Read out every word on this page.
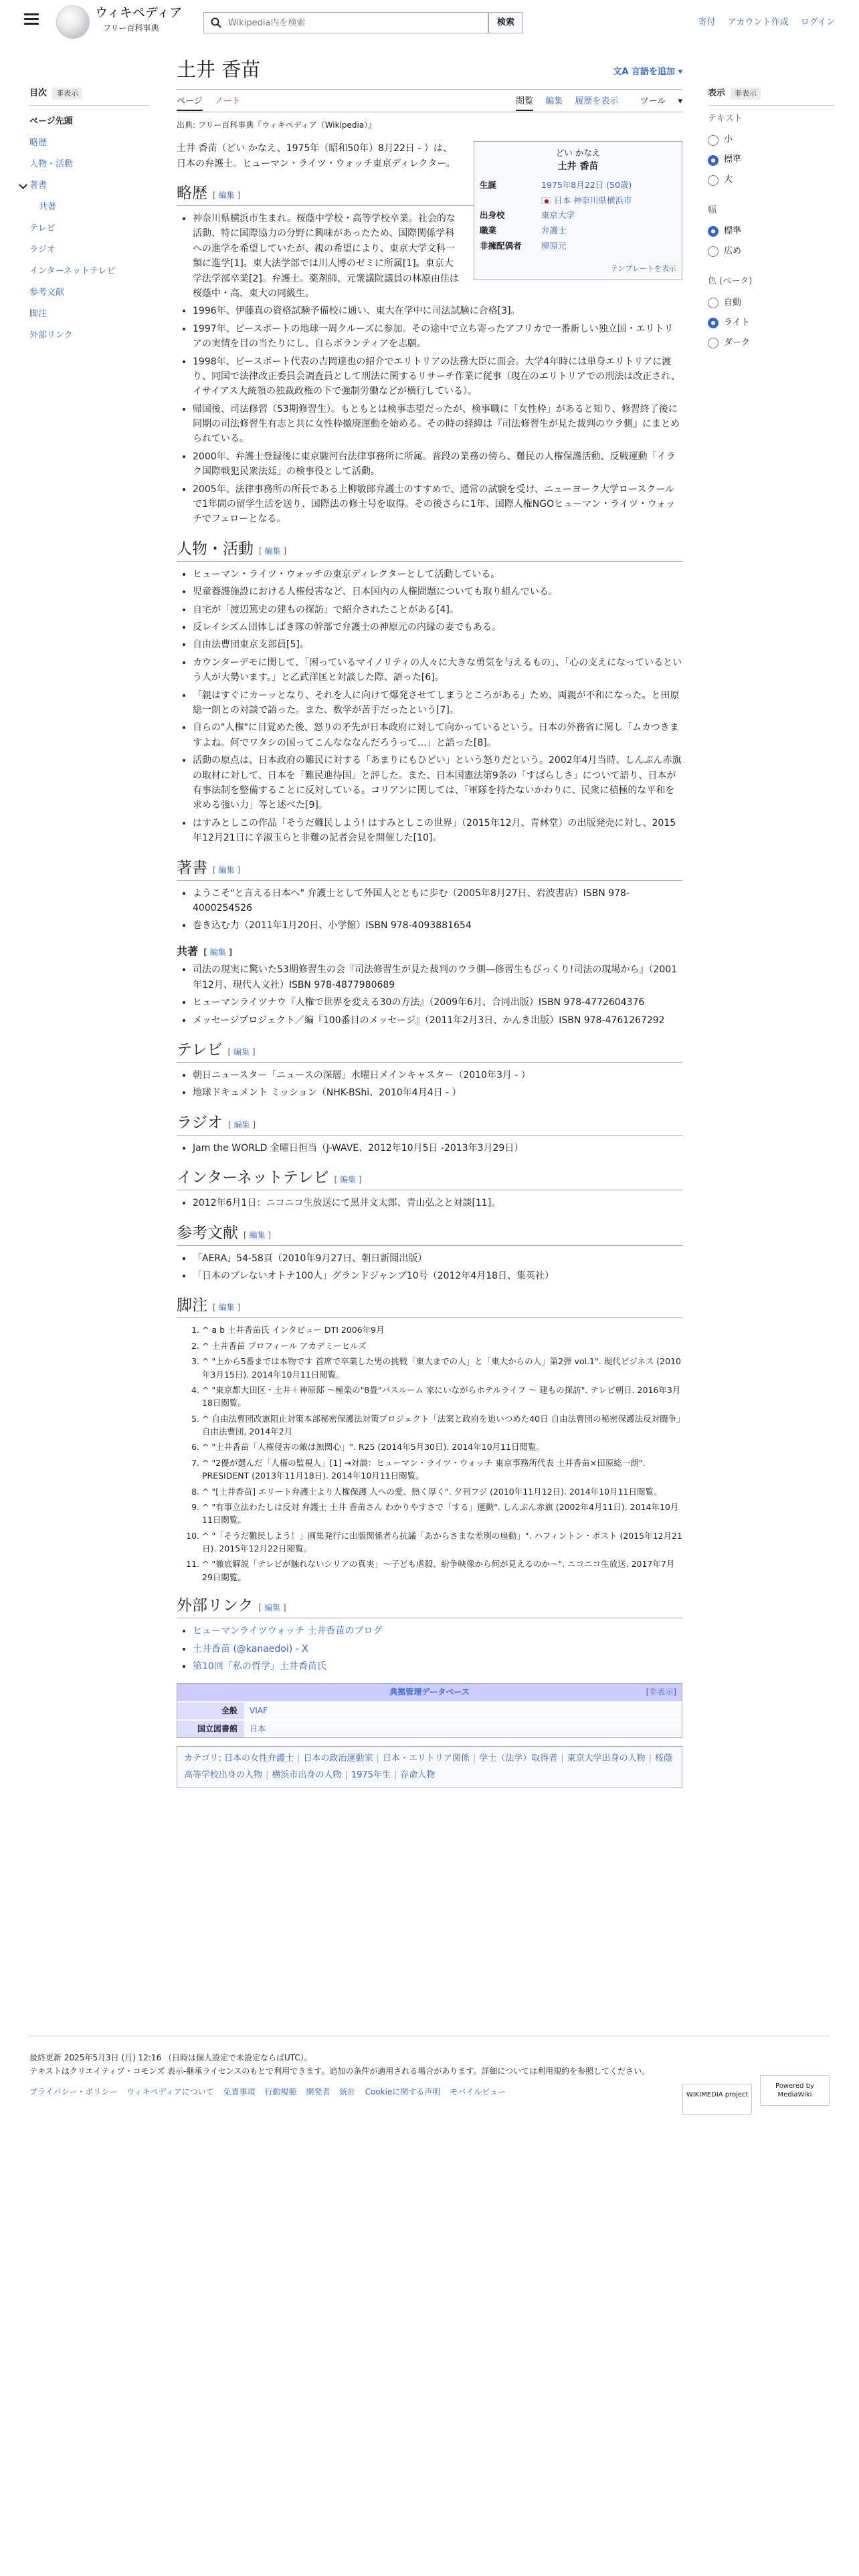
ウィキペディア
フリー百科事典
Wikipedia内を検索
検索	寄付 アカウント作成 ログイン
目次 非表示
ページ先頭
略歴
人物・活動
著書
共著
テレビ
ラジオ
インターネットテレビ
参考文献
脚注
外部リンク
土井 香苗	文A 言語を追加 ▾
ページ ノート	閲覧 編集 履歴を表示 ツール ▾
出典: フリー百科事典『ウィキペディア（Wikipedia）』
どい かなえ
土井 香苗
生誕	1975年8月22日 (50歳)
日本 神奈川県横浜市
出身校	東京大学
職業	弁護士
非擁配偶者	柳原元
テンプレートを表示

土井 香苗（どい かなえ、1975年（昭和50年）8月22日 - ）は、日本の弁護士。ヒューマン・ライツ・ウォッチ東京ディレクター。

略歴 [ 編集 ]
• 神奈川県横浜市生まれ。桜蔭中学校・高等学校卒業。社会的な活動、特に国際協力の分野に興味があったため、国際関係学科への進学を希望していたが、親の希望により、東京大学文科一類に進学[1]。東大法学部では川人博のゼミに所属[1]。東京大学法学部卒業[2]。弁護士。薬剤師、元衆議院議員の林原由佳は桜蔭中・高、東大の同級生。
• 1996年、伊藤真の資格試験予備校に通い、東大在学中に司法試験に合格[3]。
• 1997年、ピースボートの地球一周クルーズに参加。その途中で立ち寄ったアフリカで一番新しい独立国・エリトリアの実情を目の当たりにし、自らボランティアを志願。
• 1998年、ピースボート代表の吉岡達也の紹介でエリトリアの法務大臣に面会。大学4年時には単身エリトリアに渡り、同国で法律改正委員会調査員として刑法に関するリサーチ作業に従事（現在のエリトリアでの刑法は改正され、イサイアス大統領の独裁政権の下で強制労働などが横行している）。
• 帰国後、司法修習（53期修習生）。もともとは検事志望だったが、検事職に「女性枠」があると知り、修習終了後に同期の司法修習生有志と共に女性枠撤廃運動を始める。その時の経緯は『司法修習生が見た裁判のウラ側』にまとめられている。
• 2000年、弁護士登録後に東京駿河台法律事務所に所属。普段の業務の傍ら、難民の人権保護活動、反戦運動「イラク国際戦犯民衆法廷」の検事役として活動。
• 2005年、法律事務所の所長である上柳敏郎弁護士のすすめで、通常の試験を受け、ニューヨーク大学ロースクールで1年間の留学生活を送り、国際法の修士号を取得。その後さらに1年、国際人権NGOヒューマン・ライツ・ウォッチでフェローとなる。
人物・活動 [ 編集 ]
• ヒューマン・ライツ・ウォッチの東京ディレクターとして活動している。
• 児童養護施設における人権侵害など、日本国内の人権問題についても取り組んでいる。
• 自宅が「渡辺篤史の建もの探訪」で紹介されたことがある[4]。
• 反レイシズム団体しばき隊の幹部で弁護士の神原元の内縁の妻でもある。
• 自由法曹団東京支部員[5]。
• カウンターデモに関して、「困っているマイノリティの人々に大きな勇気を与えるもの」、「心の支えになっているという人が大勢います。」と乙武洋匡と対談した際、語った[6]。
• 「親はすぐにカーッとなり、それを人に向けて爆発させてしまうところがある」ため、両親が不和になった。と田原総一朗との対談で語った。また、数学が苦手だったという[7]。
• 自らの"人権"に目覚めた後、怒りの矛先が日本政府に対して向かっているという。日本の外務省に関し「ムカつきますよね。何でワタシの国ってこんなななんだろうって…」と語った[8]。
• 活動の原点は、日本政府の難民に対する「あまりにもひどい」という怒りだという。2002年4月当時、しんぶん赤旗の取材に対して、日本を「難民進待国」と評した。また、日本国憲法第9条の「すばらしさ」について語り、日本が有事法制を整備することに反対している。コリアンに関しては、「軍隊を持たないかわりに、民衆に積極的な平和を求める強い力」等と述べた[9]。
• はすみとしこの作品「そうだ難民しよう! はすみとしこの世界」（2015年12月、青林堂）の出版発売に対し、2015年12月21日に辛淑玉らと非難の記者会見を開催した[10]。
著書 [ 編集 ]
• ようこそ"と言える日本へ" 弁護士として外国人とともに歩む（2005年8月27日、岩波書店）ISBN 978-4000254526
• 巻き込む力（2011年1月20日、小学館）ISBN 978-4093881654
共著 [ 編集 ]
• 司法の現実に驚いた53期修習生の会『司法修習生が見た裁判のウラ側―修習生もびっくり!司法の現場から』（2001年12月、現代人文社）ISBN 978-4877980689
• ヒューマンライツナウ『人権で世界を変える30の方法』（2009年6月、合同出版）ISBN 978-4772604376
• メッセージプロジェクト／編『100番目のメッセージ』（2011年2月3日、かんき出版）ISBN 978-4761267292
テレビ [ 編集 ]
• 朝日ニュースター「ニュースの深層」水曜日メインキャスター（2010年3月 - ）
• 地球ドキュメント ミッション（NHK-BShi、2010年4月4日 - ）
ラジオ [ 編集 ]
• Jam the WORLD 金曜日担当（J-WAVE、2012年10月5日 -2013年3月29日）
インターネットテレビ [ 編集 ]
• 2012年6月1日：ニコニコ生放送にて黒井文太郎、青山弘之と対談[11]。
参考文献 [ 編集 ]
• 「AERA」54-58頁（2010年9月27日、朝日新聞出版）
• 「日本のブレないオトナ100人」グランドジャンプ10号（2012年4月18日、集英社）
脚注 [ 編集 ]
1. ^ a b 土井香苗氏 インタビュー DTI 2006年9月
2. ^ 土井香苗 プロフィール アカデミーヒルズ
3. ^ "上から5番までは本物です 首席で卒業した男の挑戦「東大までの人」と「東大からの人」第2弾 vol.1". 現代ビジネス (2010年3月15日). 2014年10月11日閲覧。
4. ^ "東京都大田区・土井＋神原邸 ～極楽の"8畳"バスルーム 家にいながらホテルライフ ～ 建もの探訪". テレビ朝日. 2016年3月18日閲覧。
5. ^ 自由法曹団改憲阻止対策本部秘密保護法対策プロジェクト「法案と政府を追いつめた40日 自由法曹団の秘密保護法反対闘争」自由法曹団, 2014年2月
6. ^ "土井香苗「人権侵害の敵は無関心」". R25 (2014年5月30日). 2014年10月11日閲覧。
7. ^ "2優が選んだ「人権の監視人」[1] →対談：ヒューマン・ライツ・ウォッチ 東京事務所代表 土井香苗×田原総一朗". PRESIDENT (2013年11月18日). 2014年10月11日閲覧。
8. ^ "[土井香苗] エリート弁護士より人権保護 人への愛、熱く厚く". 夕刊フジ (2010年11月12日). 2014年10月11日閲覧。
9. ^ "有事立法わたしは反対 弁護士 土井 香苗さん わかりやすさで「する」運動". しんぶん赤旗 (2002年4月11日). 2014年10月11日閲覧。
10. ^ "「そうだ難民しよう！」画集発行に出版関係者ら抗議「あからさまな差別の扇動」". ハフィントン・ポスト (2015年12月21日). 2015年12月22日閲覧。
11. ^ "徹底解説「テレビが触れないシリアの真実」〜子ども虐殺、紛争映像から何が見えるのか〜". ニコニコ生放送. 2017年7月29日閲覧。
外部リンク [ 編集 ]
• ヒューマンライツウォッチ 土井香苗のブログ
• 土井香苗 (@kanaedoi) - X
• 第10回「私の哲学」土井香苗氏
典拠管理データベース	[非表示]
全般	VIAF
国立図書館	日本
カテゴリ: 日本の女性弁護士 | 日本の政治運動家 | 日本・エリトリア関係 | 学士（法学）取得者 | 東京大学出身の人物 | 桜蔭高等学校出身の人物 | 横浜市出身の人物 | 1975年生 | 存命人物
表示 非表示
テキスト
小
標準
大
幅
標準
広め
色 (ベータ)
自動
ライト
ダーク
最終更新 2025年5月3日 (月) 12:16 （日時は個人設定で未設定ならばUTC）。
テキストはクリエイティブ・コモンズ 表示-継承ライセンスのもとで利用できます。追加の条件が適用される場合があります。詳細については利用規約を参照してください。
プライバシー・ポリシー ウィキペディアについて 免責事項 行動規範 開発者 統計 Cookieに関する声明 モバイルビュー	WIKIMEDIA project Powered by MediaWiki
